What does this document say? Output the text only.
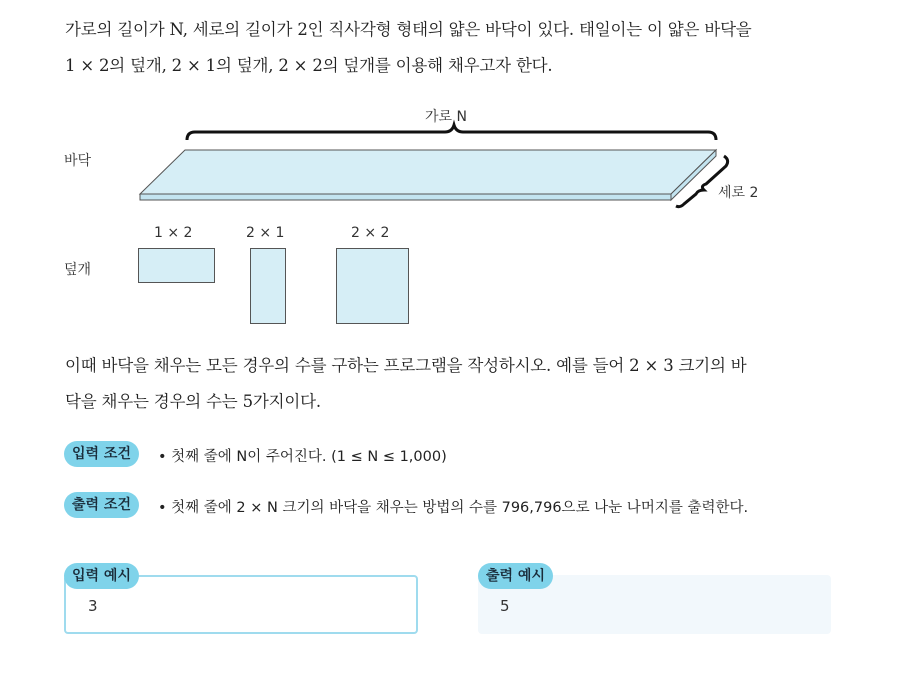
가로의 길이가 N, 세로의 길이가 2인 직사각형 형태의 얇은 바닥이 있다. 태일이는 이 얇은 바닥을
1 × 2의 덮개, 2 × 1의 덮개, 2 × 2의 덮개를 이용해 채우고자 한다.
가로 N
바닥
세로 2
덮개
1 × 2	2 × 1	2 × 2
이때 바닥을 채우는 모든 경우의 수를 구하는 프로그램을 작성하시오. 예를 들어 2 × 3 크기의 바
닥을 채우는 경우의 수는 5가지이다.
입력 조건	• 첫째 줄에 N이 주어진다. (1 ≤ N ≤ 1,000)
출력 조건	• 첫째 줄에 2 × N 크기의 바닥을 채우는 방법의 수를 796,796으로 나눈 나머지를 출력한다.
입력 예시
3
출력 예시
5
